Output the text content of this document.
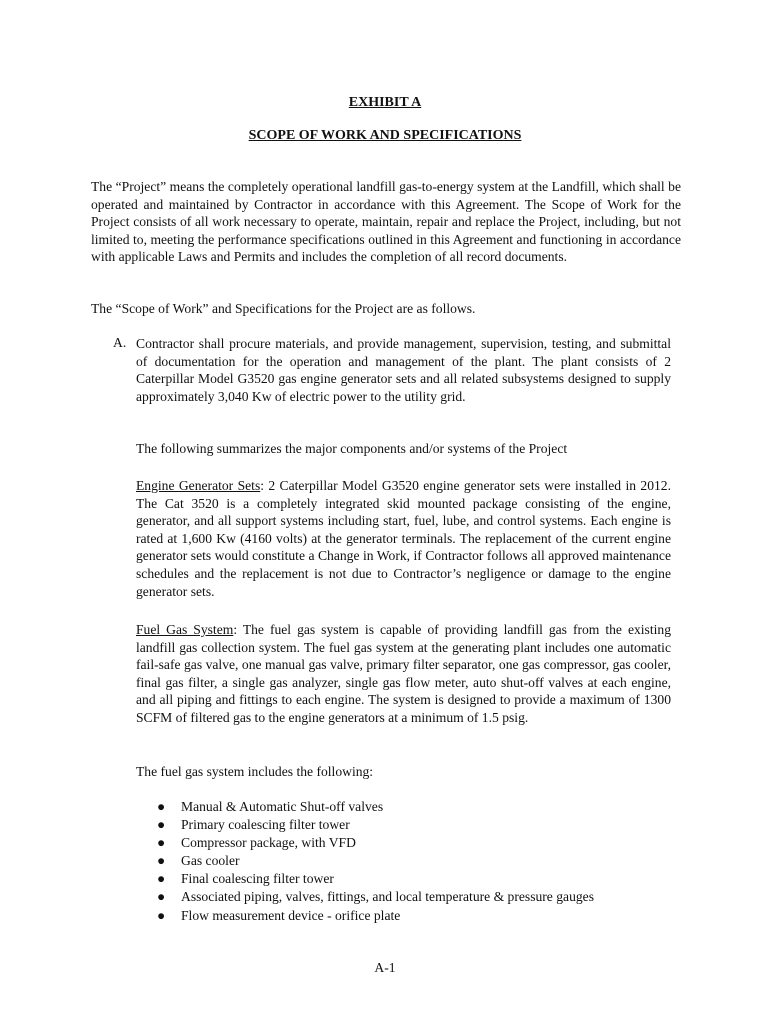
EXHIBIT A
SCOPE OF WORK AND SPECIFICATIONS

The “Project” means the completely operational landfill gas-to-energy system at the Landfill, which shall be operated and maintained by Contractor in accordance with this Agreement. The Scope of Work for the Project consists of all work necessary to operate, maintain, repair and replace the Project, including, but not limited to, meeting the performance specifications outlined in this Agreement and functioning in accordance with applicable Laws and Permits and includes the completion of all record documents.

The “Scope of Work” and Specifications for the Project are as follows.

A. Contractor shall procure materials, and provide management, supervision, testing, and submittal of documentation for the operation and management of the plant. The plant consists of 2 Caterpillar Model G3520 gas engine generator sets and all related subsystems designed to supply approximately 3,040 Kw of electric power to the utility grid.

The following summarizes the major components and/or systems of the Project

Engine Generator Sets: 2 Caterpillar Model G3520 engine generator sets were installed in 2012. The Cat 3520 is a completely integrated skid mounted package consisting of the engine, generator, and all support systems including start, fuel, lube, and control systems. Each engine is rated at 1,600 Kw (4160 volts) at the generator terminals. The replacement of the current engine generator sets would constitute a Change in Work, if Contractor follows all approved maintenance schedules and the replacement is not due to Contractor’s negligence or damage to the engine generator sets.

Fuel Gas System: The fuel gas system is capable of providing landfill gas from the existing landfill gas collection system. The fuel gas system at the generating plant includes one automatic fail-safe gas valve, one manual gas valve, primary filter separator, one gas compressor, gas cooler, final gas filter, a single gas analyzer, single gas flow meter, auto shut-off valves at each engine, and all piping and fittings to each engine. The system is designed to provide a maximum of 1300 SCFM of filtered gas to the engine generators at a minimum of 1.5 psig.

The fuel gas system includes the following:

● Manual & Automatic Shut-off valves
● Primary coalescing filter tower
● Compressor package, with VFD
● Gas cooler
● Final coalescing filter tower
● Associated piping, valves, fittings, and local temperature & pressure gauges
● Flow measurement device - orifice plate
A-1
